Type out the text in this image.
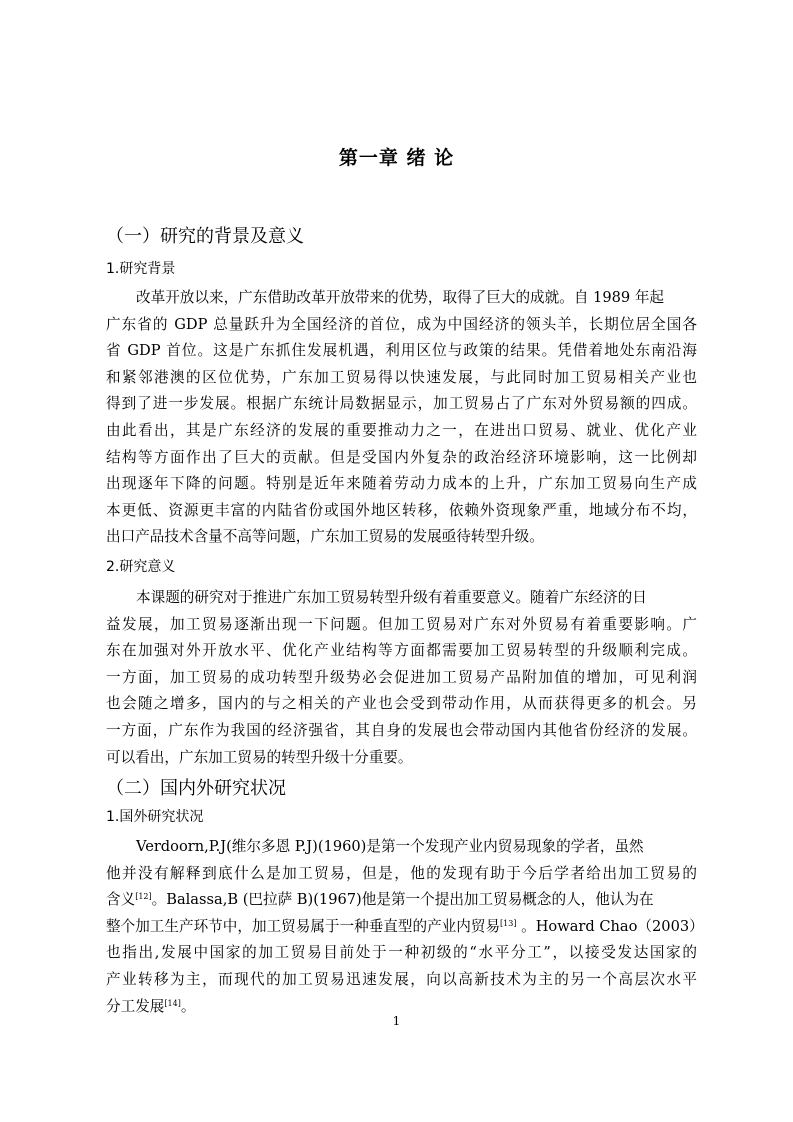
第一章 绪 论
（一）研究的背景及意义
1.研究背景
改革开放以来，广东借助改革开放带来的优势，取得了巨大的成就。自 1989 年起
广东省的 GDP 总量跃升为全国经济的首位，成为中国经济的领头羊，长期位居全国各
省 GDP 首位。这是广东抓住发展机遇，利用区位与政策的结果。凭借着地处东南沿海
和紧邻港澳的区位优势，广东加工贸易得以快速发展，与此同时加工贸易相关产业也
得到了进一步发展。根据广东统计局数据显示，加工贸易占了广东对外贸易额的四成。
由此看出，其是广东经济的发展的重要推动力之一，在进出口贸易、就业、优化产业
结构等方面作出了巨大的贡献。但是受国内外复杂的政治经济环境影响，这一比例却
出现逐年下降的问题。特别是近年来随着劳动力成本的上升，广东加工贸易向生产成
本更低、资源更丰富的内陆省份或国外地区转移，依赖外资现象严重，地域分布不均，
出口产品技术含量不高等问题，广东加工贸易的发展亟待转型升级。
2.研究意义
本课题的研究对于推进广东加工贸易转型升级有着重要意义。随着广东经济的日
益发展，加工贸易逐渐出现一下问题。但加工贸易对广东对外贸易有着重要影响。广
东在加强对外开放水平、优化产业结构等方面都需要加工贸易转型的升级顺利完成。
一方面，加工贸易的成功转型升级势必会促进加工贸易产品附加值的增加，可见利润
也会随之增多，国内的与之相关的产业也会受到带动作用，从而获得更多的机会。另
一方面，广东作为我国的经济强省，其自身的发展也会带动国内其他省份经济的发展。
可以看出，广东加工贸易的转型升级十分重要。
（二）国内外研究状况
1.国外研究状况
Verdoorn,P.J(维尔多恩 P.J)(1960)是第一个发现产业内贸易现象的学者，虽然
他并没有解释到底什么是加工贸易，但是，他的发现有助于今后学者给出加工贸易的
含义[12]。Balassa,B (巴拉萨 B)(1967)他是第一个提出加工贸易概念的人，他认为在
整个加工生产环节中，加工贸易属于一种垂直型的产业内贸易[13] 。Howard Chao（2003）
也指出,发展中国家的加工贸易目前处于一种初级的“水平分工”，以接受发达国家的
产业转移为主，而现代的加工贸易迅速发展，向以高新技术为主的另一个高层次水平
分工发展[14]。
1
